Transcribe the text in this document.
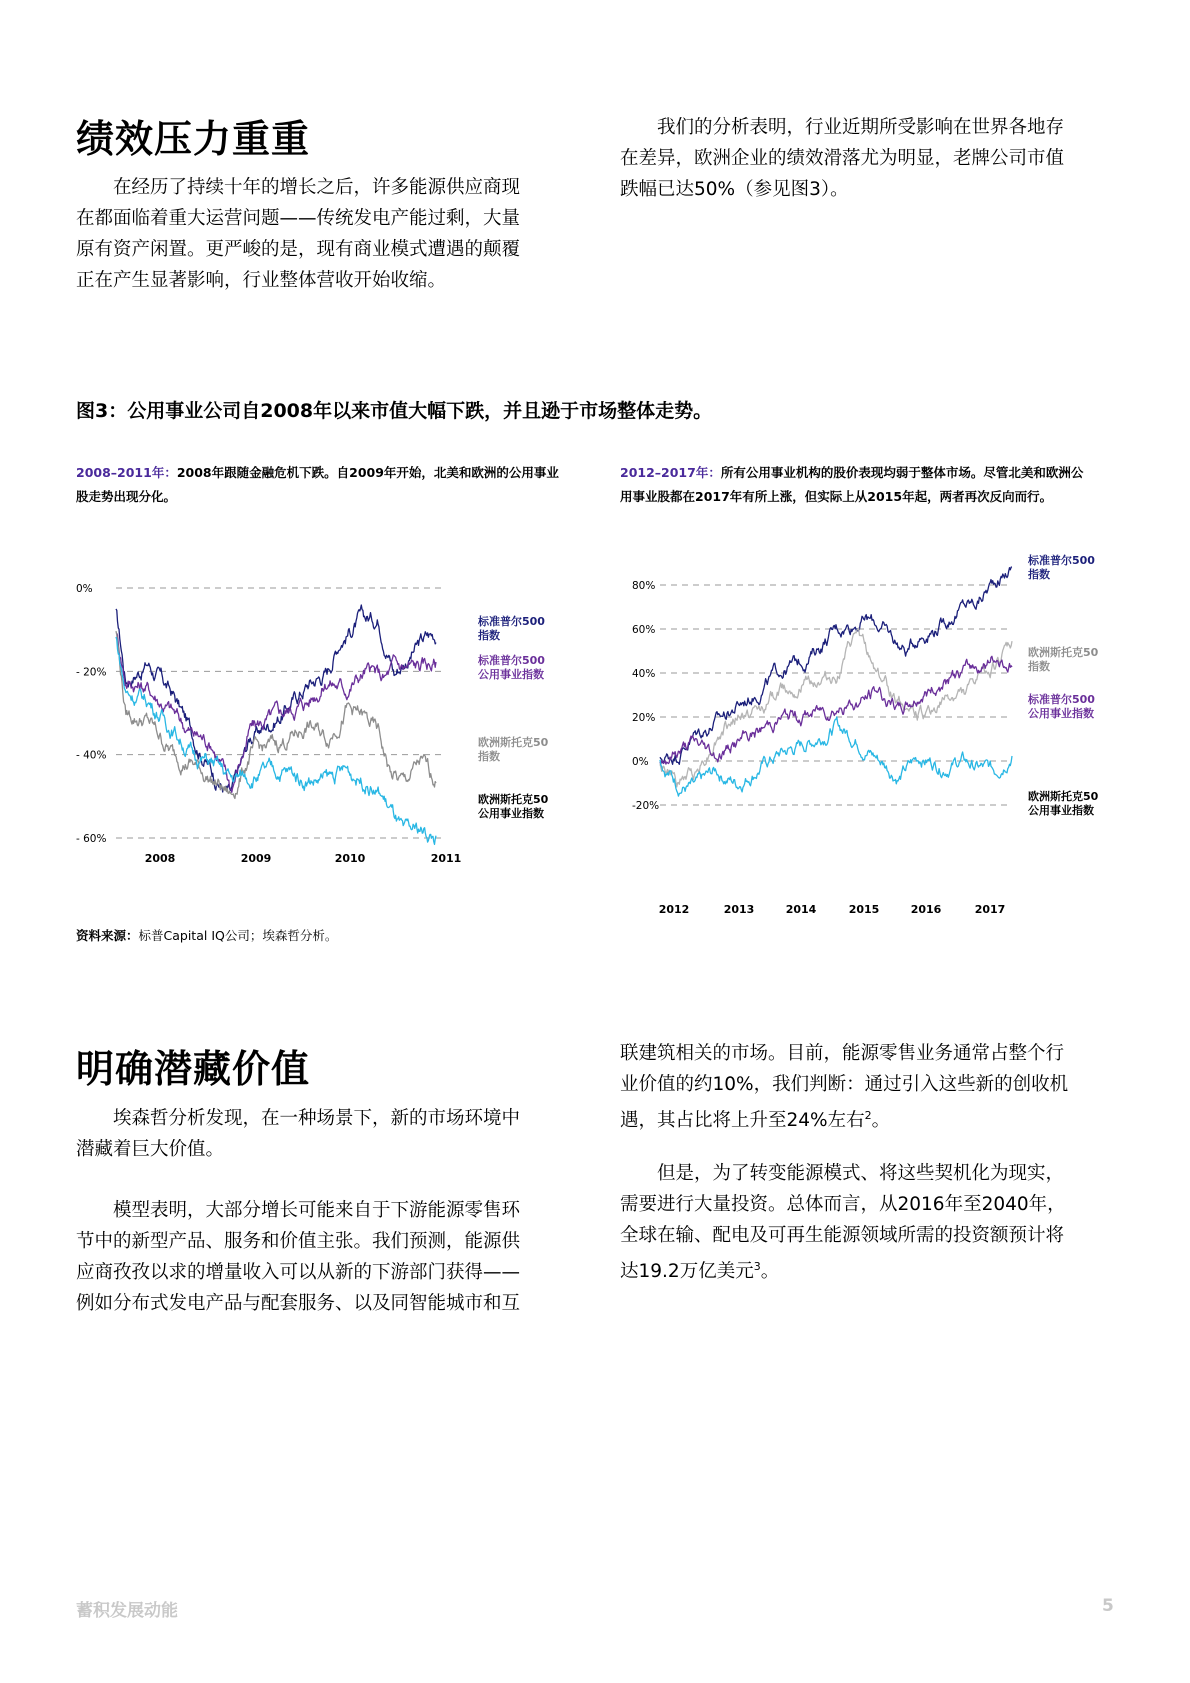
绩效压力重重

在经历了持续十年的增长之后，许多能源供应商现在都面临着重大运营问题——传统发电产能过剩，大量原有资产闲置。更严峻的是，现有商业模式遭遇的颠覆正在产生显著影响，行业整体营收开始收缩。

我们的分析表明，行业近期所受影响在世界各地存在差异，欧洲企业的绩效滑落尤为明显，老牌公司市值跌幅已达50%（参见图3）。

图3：公用事业公司自2008年以来市值大幅下跌，并且逊于市场整体走势。
2008–2011年：2008年跟随金融危机下跌。自2009年开始，北美和欧洲的公用事业股走势出现分化。
2012–2017年：所有公用事业机构的股价表现均弱于整体市场。尽管北美和欧洲公用事业股都在2017年有所上涨，但实际上从2015年起，两者再次反向而行。
0%
- 20%
- 40%
- 60%
2008	2009	2010	2011
标准普尔500
指数
标准普尔500
公用事业指数
欧洲斯托克50
指数
欧洲斯托克50
公用事业指数
80%
60%
40%
20%
0%
-20%
2012	2013	2014	2015	2016	2017
标准普尔500
指数
欧洲斯托克50
指数
标准普尔500
公用事业指数
欧洲斯托克50
公用事业指数
资料来源：标普Capital IQ公司；埃森哲分析。
明确潜藏价值

埃森哲分析发现，在一种场景下，新的市场环境中潜藏着巨大价值。

模型表明，大部分增长可能来自于下游能源零售环节中的新型产品、服务和价值主张。我们预测，能源供应商孜孜以求的增量收入可以从新的下游部门获得——例如分布式发电产品与配套服务、以及同智能城市和互

联建筑相关的市场。目前，能源零售业务通常占整个行业价值的约10%，我们判断：通过引入这些新的创收机遇，其占比将上升至24%左右$^2$。

但是，为了转变能源模式、将这些契机化为现实，需要进行大量投资。总体而言，从2016年至2040年，全球在输、配电及可再生能源领域所需的投资额预计将达19.2万亿美元$^3$。

蓄积发展动能	5
